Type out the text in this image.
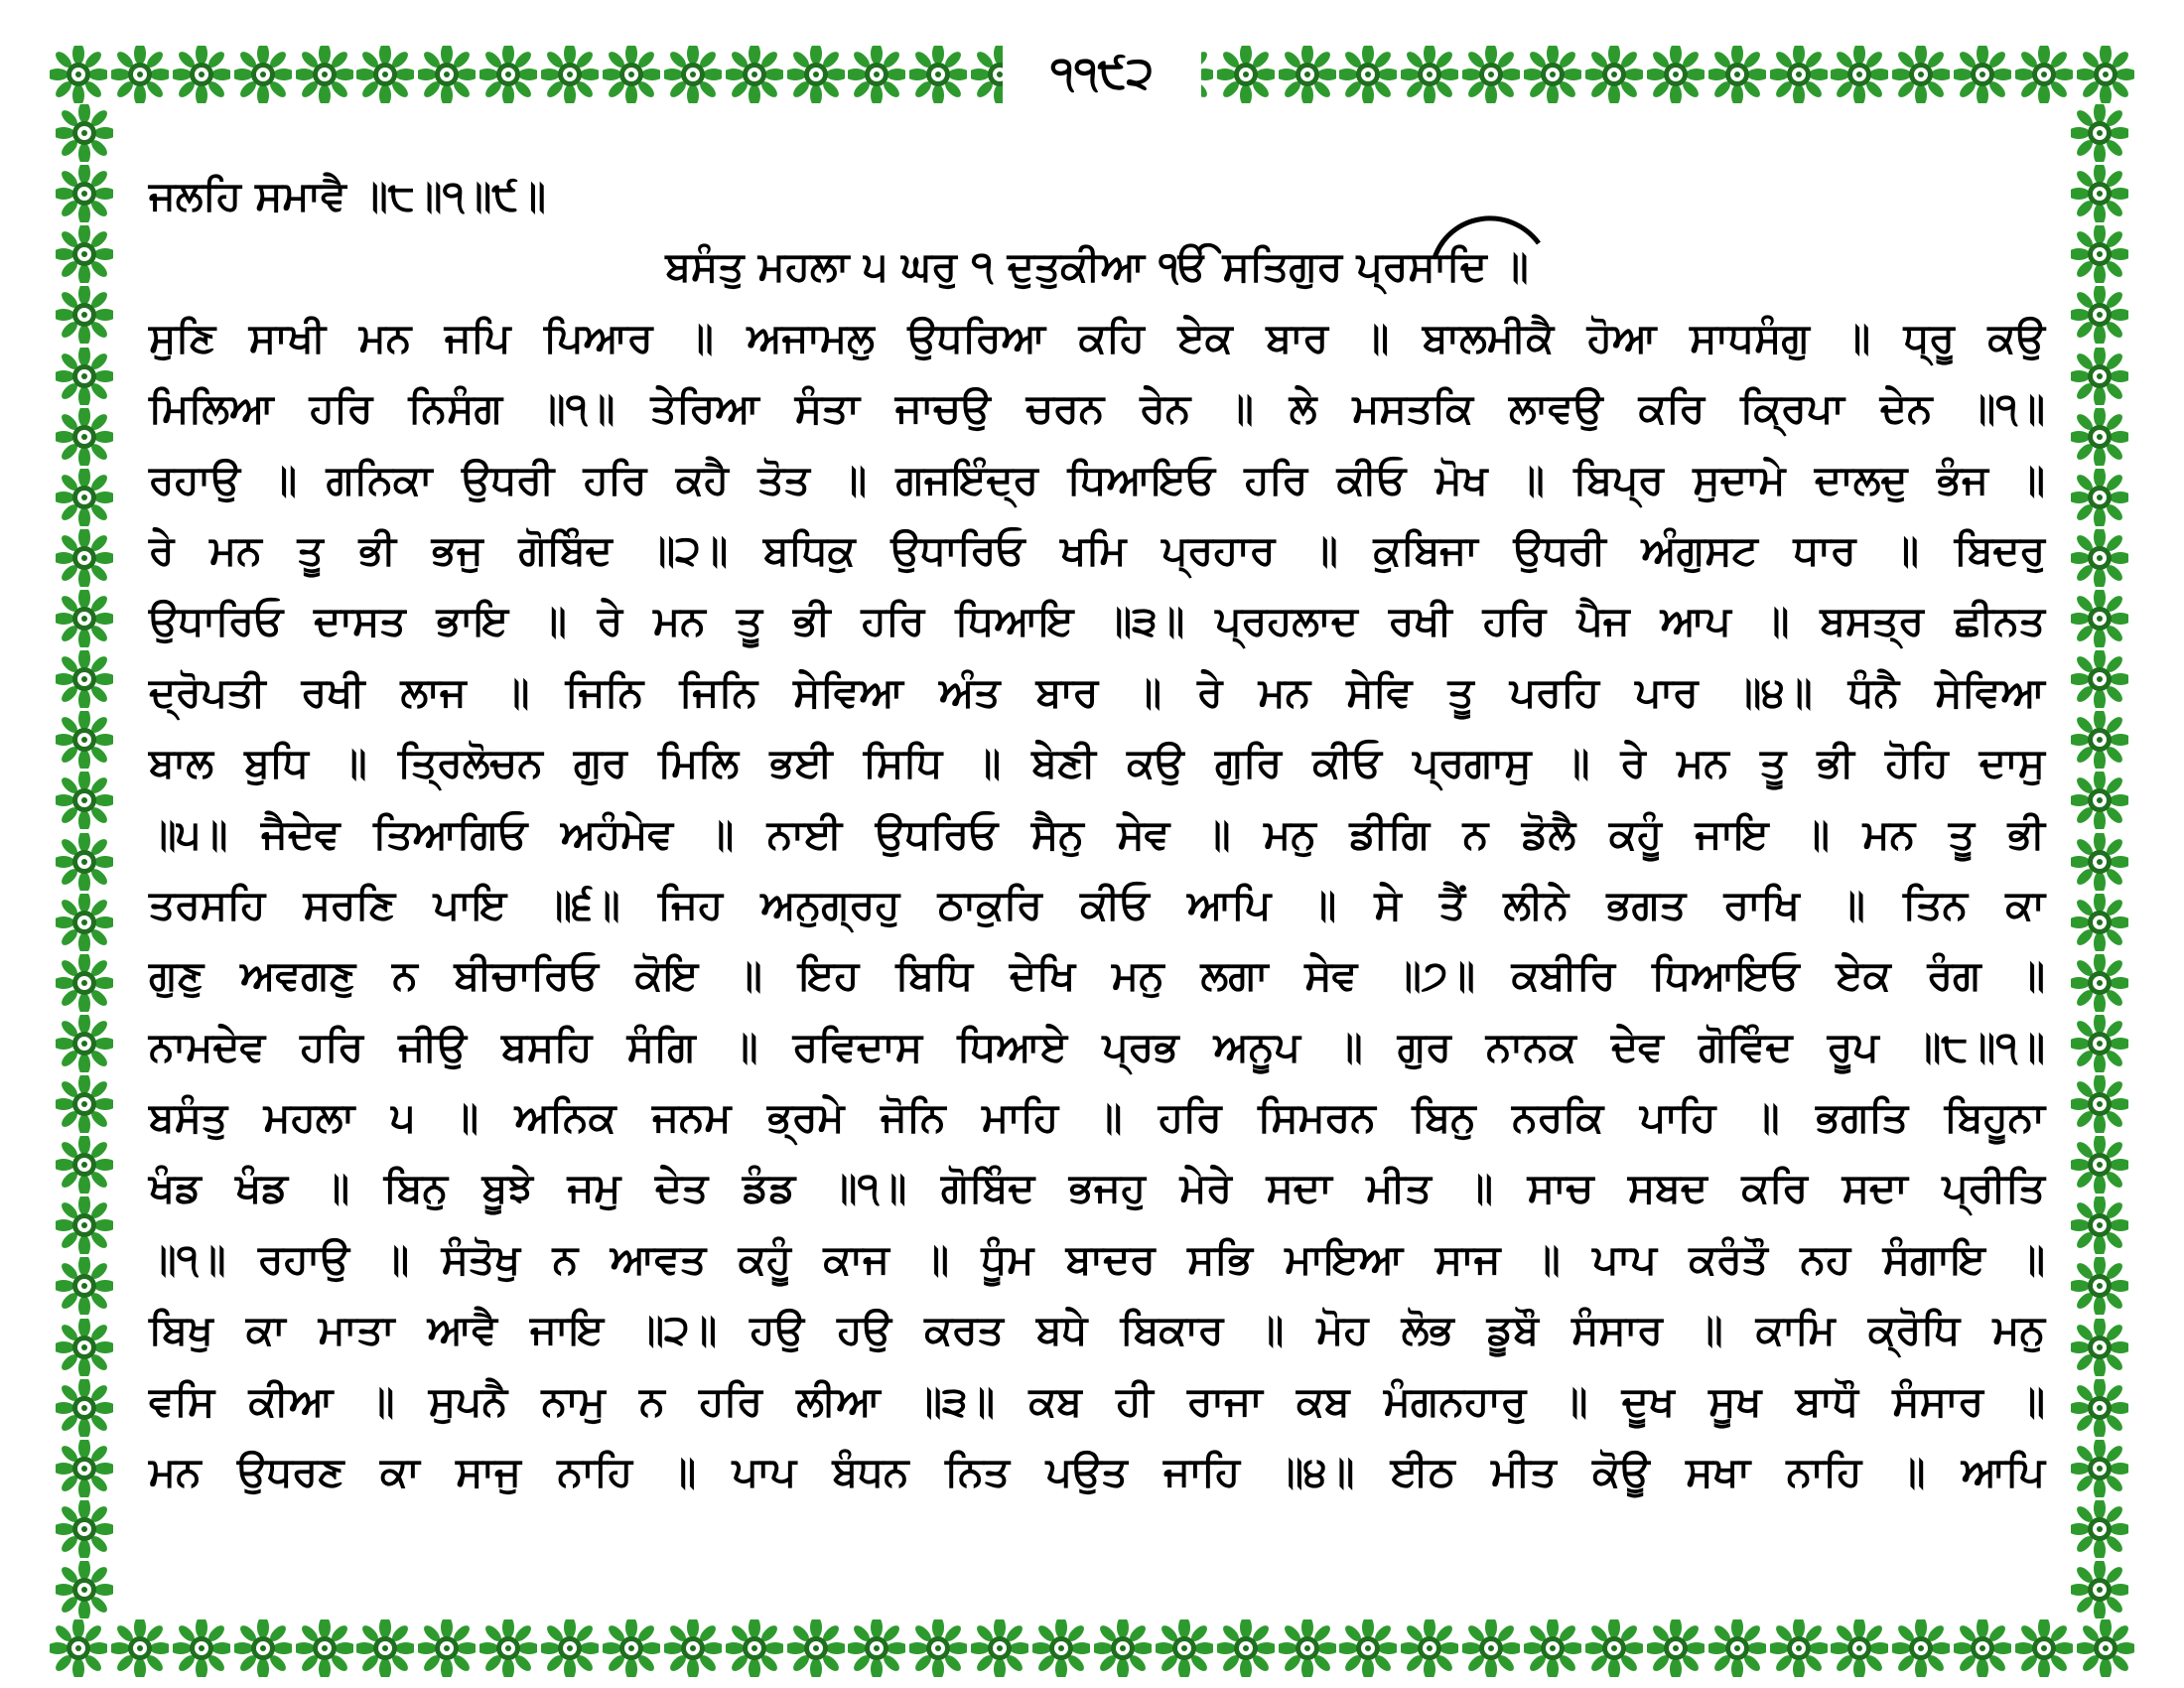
੧੧੯੨
ਜਲਹਿ ਸਮਾਵੈ ॥੮॥੧॥੯॥
ਬਸੰਤੁ ਮਹਲਾ ੫ ਘਰੁ ੧ ਦੁਤੁਕੀਆ ੴ ਸਤਿਗੁਰ ਪ੍ਰਸਾਦਿ ॥
ਸੁਣਿ ਸਾਖੀ ਮਨ ਜਪਿ ਪਿਆਰ ॥ ਅਜਾਮਲੁ ਉਧਰਿਆ ਕਹਿ ਏਕ ਬਾਰ ॥ ਬਾਲਮੀਕੈ ਹੋਆ ਸਾਧਸੰਗੁ ॥ ਧ੍ਰੂ ਕਉ
ਮਿਲਿਆ ਹਰਿ ਨਿਸੰਗ ॥੧॥ ਤੇਰਿਆ ਸੰਤਾ ਜਾਚਉ ਚਰਨ ਰੇਨ ॥ ਲੇ ਮਸਤਕਿ ਲਾਵਉ ਕਰਿ ਕ੍ਰਿਪਾ ਦੇਨ ॥੧॥
ਰਹਾਉ ॥ ਗਨਿਕਾ ਉਧਰੀ ਹਰਿ ਕਹੈ ਤੋਤ ॥ ਗਜਇੰਦ੍ਰ ਧਿਆਇਓ ਹਰਿ ਕੀਓ ਮੋਖ ॥ ਬਿਪ੍ਰ ਸੁਦਾਮੇ ਦਾਲਦੁ ਭੰਜ ॥
ਰੇ ਮਨ ਤੂ ਭੀ ਭਜੁ ਗੋਬਿੰਦ ॥੨॥ ਬਧਿਕੁ ਉਧਾਰਿਓ ਖਮਿ ਪ੍ਰਹਾਰ ॥ ਕੁਬਿਜਾ ਉਧਰੀ ਅੰਗੁਸਟ ਧਾਰ ॥ ਬਿਦਰੁ
ਉਧਾਰਿਓ ਦਾਸਤ ਭਾਇ ॥ ਰੇ ਮਨ ਤੂ ਭੀ ਹਰਿ ਧਿਆਇ ॥੩॥ ਪ੍ਰਹਲਾਦ ਰਖੀ ਹਰਿ ਪੈਜ ਆਪ ॥ ਬਸਤ੍ਰ ਛੀਨਤ
ਦ੍ਰੋਪਤੀ ਰਖੀ ਲਾਜ ॥ ਜਿਨਿ ਜਿਨਿ ਸੇਵਿਆ ਅੰਤ ਬਾਰ ॥ ਰੇ ਮਨ ਸੇਵਿ ਤੂ ਪਰਹਿ ਪਾਰ ॥੪॥ ਧੰਨੈ ਸੇਵਿਆ
ਬਾਲ ਬੁਧਿ ॥ ਤ੍ਰਿਲੋਚਨ ਗੁਰ ਮਿਲਿ ਭਈ ਸਿਧਿ ॥ ਬੇਣੀ ਕਉ ਗੁਰਿ ਕੀਓ ਪ੍ਰਗਾਸੁ ॥ ਰੇ ਮਨ ਤੂ ਭੀ ਹੋਹਿ ਦਾਸੁ
॥੫॥ ਜੈਦੇਵ ਤਿਆਗਿਓ ਅਹੰਮੇਵ ॥ ਨਾਈ ਉਧਰਿਓ ਸੈਨੁ ਸੇਵ ॥ ਮਨੁ ਡੀਗਿ ਨ ਡੋਲੈ ਕਹੂੰ ਜਾਇ ॥ ਮਨ ਤੂ ਭੀ
ਤਰਸਹਿ ਸਰਣਿ ਪਾਇ ॥੬॥ ਜਿਹ ਅਨੁਗ੍ਰਹੁ ਠਾਕੁਰਿ ਕੀਓ ਆਪਿ ॥ ਸੇ ਤੈਂ ਲੀਨੇ ਭਗਤ ਰਾਖਿ ॥ ਤਿਨ ਕਾ
ਗੁਣੁ ਅਵਗਣੁ ਨ ਬੀਚਾਰਿਓ ਕੋਇ ॥ ਇਹ ਬਿਧਿ ਦੇਖਿ ਮਨੁ ਲਗਾ ਸੇਵ ॥੭॥ ਕਬੀਰਿ ਧਿਆਇਓ ਏਕ ਰੰਗ ॥
ਨਾਮਦੇਵ ਹਰਿ ਜੀਉ ਬਸਹਿ ਸੰਗਿ ॥ ਰਵਿਦਾਸ ਧਿਆਏ ਪ੍ਰਭ ਅਨੂਪ ॥ ਗੁਰ ਨਾਨਕ ਦੇਵ ਗੋਵਿੰਦ ਰੂਪ ॥੮॥੧॥
ਬਸੰਤੁ ਮਹਲਾ ੫ ॥ ਅਨਿਕ ਜਨਮ ਭ੍ਰਮੇ ਜੋਨਿ ਮਾਹਿ ॥ ਹਰਿ ਸਿਮਰਨ ਬਿਨੁ ਨਰਕਿ ਪਾਹਿ ॥ ਭਗਤਿ ਬਿਹੂਨਾ
ਖੰਡ ਖੰਡ ॥ ਬਿਨੁ ਬੂਝੇ ਜਮੁ ਦੇਤ ਡੰਡ ॥੧॥ ਗੋਬਿੰਦ ਭਜਹੁ ਮੇਰੇ ਸਦਾ ਮੀਤ ॥ ਸਾਚ ਸਬਦ ਕਰਿ ਸਦਾ ਪ੍ਰੀਤਿ
॥੧॥ ਰਹਾਉ ॥ ਸੰਤੋਖੁ ਨ ਆਵਤ ਕਹੂੰ ਕਾਜ ॥ ਧੂੰਮ ਬਾਦਰ ਸਭਿ ਮਾਇਆ ਸਾਜ ॥ ਪਾਪ ਕਰੰਤੌ ਨਹ ਸੰਗਾਇ ॥
ਬਿਖੁ ਕਾ ਮਾਤਾ ਆਵੈ ਜਾਇ ॥੨॥ ਹਉ ਹਉ ਕਰਤ ਬਧੇ ਬਿਕਾਰ ॥ ਮੋਹ ਲੋਭ ਡੂਬੌ ਸੰਸਾਰ ॥ ਕਾਮਿ ਕ੍ਰੋਧਿ ਮਨੁ
ਵਸਿ ਕੀਆ ॥ ਸੁਪਨੈ ਨਾਮੁ ਨ ਹਰਿ ਲੀਆ ॥੩॥ ਕਬ ਹੀ ਰਾਜਾ ਕਬ ਮੰਗਨਹਾਰੁ ॥ ਦੂਖ ਸੂਖ ਬਾਧੌ ਸੰਸਾਰ ॥
ਮਨ ਉਧਰਣ ਕਾ ਸਾਜੁ ਨਾਹਿ ॥ ਪਾਪ ਬੰਧਨ ਨਿਤ ਪਉਤ ਜਾਹਿ ॥੪॥ ਈਠ ਮੀਤ ਕੋਊ ਸਖਾ ਨਾਹਿ ॥ ਆਪਿ
